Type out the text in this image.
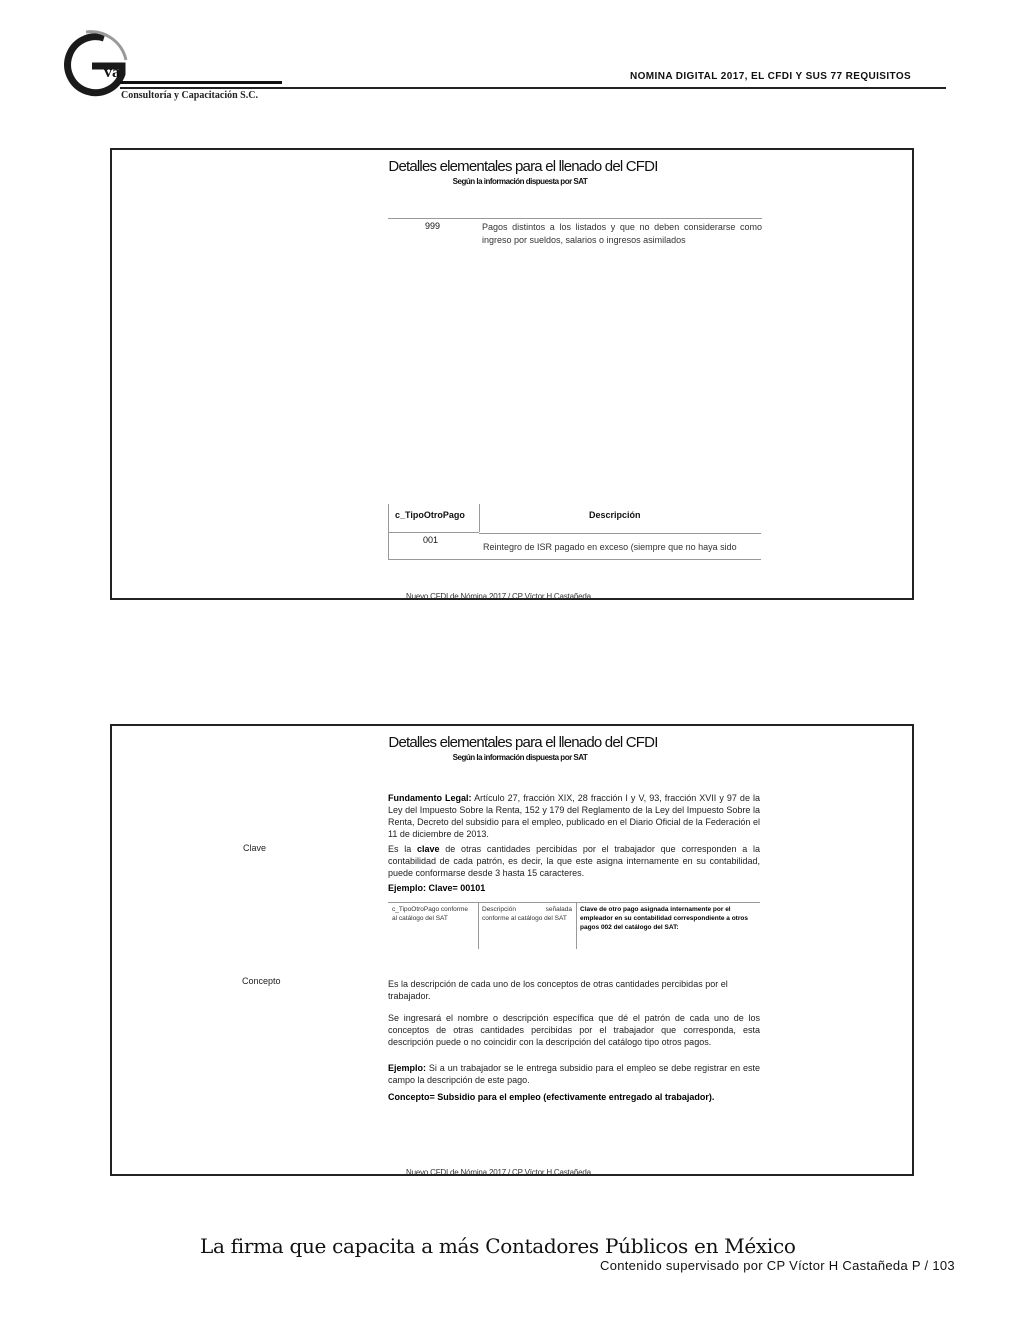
va
Consultoría y Capacitación S.C.
NOMINA DIGITAL 2017, EL CFDI Y SUS 77 REQUISITOS
Detalles elementales para el llenado del CFDI
Según la información dispuesta por SAT
999	Pagos distintos a los listados y que no deben considerarse como ingreso por sueldos, salarios o ingresos asimilados
c_TipoOtroPago	Descripción
001
Reintegro de ISR pagado en exceso (siempre que no haya sido
Nuevo CFDI de Nómina 2017 / CP Víctor H Castañeda
Detalles elementales para el llenado del CFDI
Según la información dispuesta por SAT
Clave
Concepto
Fundamento Legal: Artículo 27, fracción XIX, 28 fracción I y V, 93, fracción XVII y 97 de la Ley del Impuesto Sobre la Renta, 152 y 179 del Reglamento de la Ley del Impuesto Sobre la Renta, Decreto del subsidio para el empleo, publicado en el Diario Oficial de la Federación el 11 de diciembre de 2013.
Es la clave de otras cantidades percibidas por el trabajador que corresponden a la contabilidad de cada patrón, es decir, la que este asigna internamente en su contabilidad, puede conformarse desde 3 hasta 15 caracteres.
Ejemplo: Clave= 00101
c_TipoOtroPago conforme al catálogo del SAT
Descripción señalada conforme al catálogo del SAT
Clave de otro pago asignada internamente por el empleador en su contabilidad correspondiente a otros pagos 002 del catálogo del SAT:
Es la descripción de cada uno de los conceptos de otras cantidades percibidas por el trabajador.
Se ingresará el nombre o descripción específica que dé el patrón de cada uno de los conceptos de otras cantidades percibidas por el trabajador que corresponda, esta descripción puede o no coincidir con la descripción del catálogo tipo otros pagos.
Ejemplo: Si a un trabajador se le entrega subsidio para el empleo se debe registrar en este campo la descripción de este pago.
Concepto= Subsidio para el empleo (efectivamente entregado al trabajador).
Nuevo CFDI de Nómina 2017 / CP Víctor H Castañeda
La firma que capacita a más Contadores Públicos en México
Contenido supervisado por CP Víctor H Castañeda P / 103
